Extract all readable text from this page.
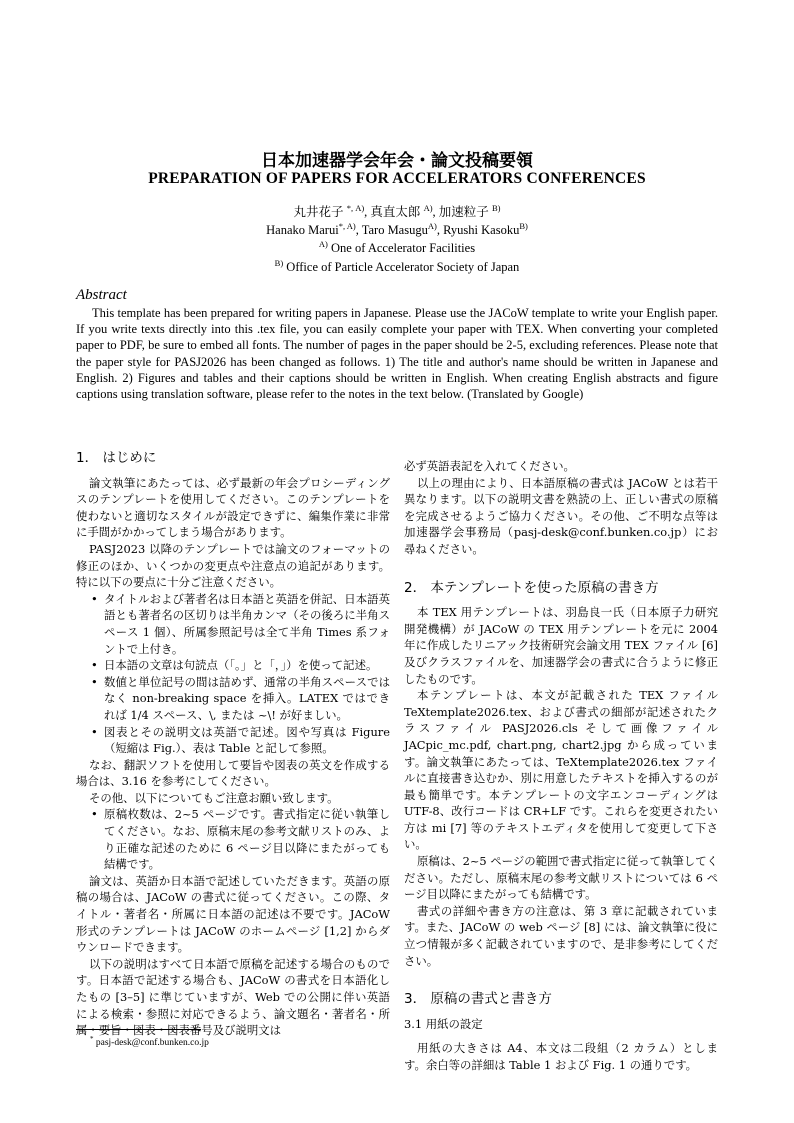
日本加速器学会年会・論文投稿要領
PREPARATION OF PAPERS FOR ACCELERATORS CONFERENCES
丸井花子 $^{*, A)}$, 真直太郎 $^{A)}$, 加速粒子 $^{B)}$
Hanako Marui$^{*, A)}$, Taro Masugu$^{A)}$, Ryushi Kasoku$^{B)}$
$^{A)}$ One of Accelerator Facilities
$^{B)}$ Office of Particle Accelerator Society of Japan
Abstract
This template has been prepared for writing papers in Japanese. Please use the JACoW template to write your English paper. If you write texts directly into this .tex file, you can easily complete your paper with TEX. When converting your completed paper to PDF, be sure to embed all fonts. The number of pages in the paper should be 2-5, excluding references. Please note that the paper style for PASJ2026 has been changed as follows. 1) The title and author's name should be written in Japanese and English. 2) Figures and tables and their captions should be written in English. When creating English abstracts and figure captions using translation software, please refer to the notes in the text below. (Translated by Google)
1． はじめに

論文執筆にあたっては、必ず最新の年会プロシーディングスのテンプレートを使用してください。このテンプレートを使わないと適切なスタイルが設定できずに、編集作業に非常に手間がかかってしまう場合があります。

PASJ2023 以降のテンプレートでは論文のフォーマットの修正のほか、いくつかの変更点や注意点の追記があります。特に以下の要点に十分ご注意ください。

• タイトルおよび著者名は日本語と英語を併記、日本語英語とも著者名の区切りは半角カンマ（その後ろに半角スペース 1 個）、所属参照記号は全て半角 Times 系フォントで上付き。
• 日本語の文章は句読点（「。」と「，」）を使って記述。
• 数値と単位記号の間は詰めず、通常の半角スペースではなく non-breaking space を挿入。LATEX ではできれば 1/4 スペース、\, または ~\! が好ましい。
• 図表とその説明文は英語で記述。図や写真は Figure（短縮は Fig.）、表は Table と記して参照。

なお、翻訳ソフトを使用して要旨や図表の英文を作成する場合は、3.16 を参考にしてください。

その他、以下についてもご注意お願い致します。

• 原稿枚数は、2~5 ページです。書式指定に従い執筆してください。なお、原稿末尾の参考文献リストのみ、より正確な記述のために 6 ページ目以降にまたがっても結構です。

論文は、英語か日本語で記述していただきます。英語の原稿の場合は、JACoW の書式に従ってください。この際、タイトル・著者名・所属に日本語の記述は不要です。JACoW 形式のテンプレートは JACoW のホームページ [1,2] からダウンロードできます。

以下の説明はすべて日本語で原稿を記述する場合のものです。日本語で記述する場合も、JACoW の書式を日本語化したもの [3–5] に準じていますが、Web での公開に伴い英語による検索・参照に対応できるよう、論文題名・著者名・所属・要旨・図表・図表番号及び説明文は

必ず英語表記を入れてください。

以上の理由により、日本語原稿の書式は JACoW とは若干異なります。以下の説明文書を熟読の上、正しい書式の原稿を完成させるようご協力ください。その他、ご不明な点等は加速器学会事務局（pasj-desk@conf.bunken.co.jp）にお尋ねください。

2． 本テンプレートを使った原稿の書き方

本 TEX 用テンプレートは、羽島良一氏（日本原子力研究開発機構）が JACoW の TEX 用テンプレートを元に 2004 年に作成したリニアック技術研究会論文用 TEX ファイル [6] 及びクラスファイルを、加速器学会の書式に合うように修正したものです。

本テンプレートは、本文が記載された TEX ファイル TeXtemplate2026.tex、および書式の細部が記述されたクラスファイル PASJ2026.cls そして画像ファイル JACpic_mc.pdf, chart.png, chart2.jpg から成っています。論文執筆にあたっては、TeXtemplate2026.tex ファイルに直接書き込むか、別に用意したテキストを挿入するのが最も簡単です。本テンプレートの文字エンコーディングは UTF-8、改行コードは CR+LF です。これらを変更されたい方は mi [7] 等のテキストエディタを使用して変更して下さい。

原稿は、2~5 ページの範囲で書式指定に従って執筆してください。ただし、原稿末尾の参考文献リストについては 6 ページ目以降にまたがっても結構です。

書式の詳細や書き方の注意は、第 3 章に記載されています。また、JACoW の web ページ [8] には、論文執筆に役に立つ情報が多く記載されていますので、是非参考にしてください。

3． 原稿の書式と書き方
3.1 用紙の設定

用紙の大きさは A4、本文は二段組（2 カラム）とします。余白等の詳細は Table 1 および Fig. 1 の通りです。

* pasj-desk@conf.bunken.co.jp
